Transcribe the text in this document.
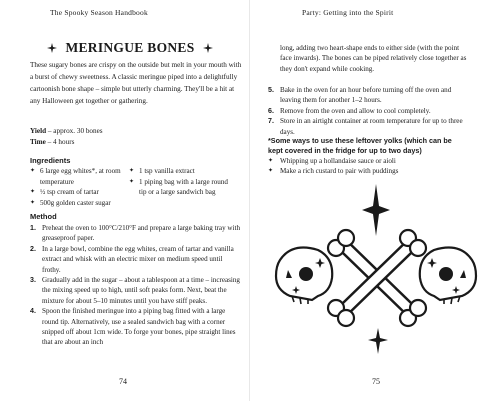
The Spooky Season Handbook	Party: Getting into the Spirit
MERINGUE BONES
These sugary bones are crispy on the outside but melt in your mouth with a burst of chewy sweetness. A classic meringue piped into a delightfully cartoonish bone shape – simple but utterly charming. They'll be a hit at any Halloween get together or gathering.
Yield – approx. 30 bones
Time – 4 hours
Ingredients
✦ 6 large egg whites*, at room temperature
✦ ½ tsp cream of tartar
✦ 500g golden caster sugar
✦ 1 tsp vanilla extract
✦ 1 piping bag with a large round tip or a large sandwich bag
Method
1. Preheat the oven to 100°C/210°F and prepare a large baking tray with greaseproof paper.
2. In a large bowl, combine the egg whites, cream of tartar and vanilla extract and whisk with an electric mixer on medium speed until frothy.
3. Gradually add in the sugar – about a tablespoon at a time – increasing the mixing speed up to high, until soft peaks form. Next, beat the mixture for about 5–10 minutes until you have stiff peaks.
4. Spoon the finished meringue into a piping bag fitted with a large round tip. Alternatively, use a sealed sandwich bag with a corner snipped off about 1cm wide. To forge your bones, pipe straight lines that are about an inch
74

long, adding two heart-shape ends to either side (with the point face inwards). The bones can be piped relatively close together as they don't expand while cooking.

5. Bake in the oven for an hour before turning off the oven and leaving them for another 1–2 hours.
6. Remove from the oven and allow to cool completely.
7. Store in an airtight container at room temperature for up to three days.
*Some ways to use these leftover yolks (which can be kept covered in the fridge for up to two days)
✦ Whipping up a hollandaise sauce or aioli
✦ Make a rich custard to pair with puddings
75
